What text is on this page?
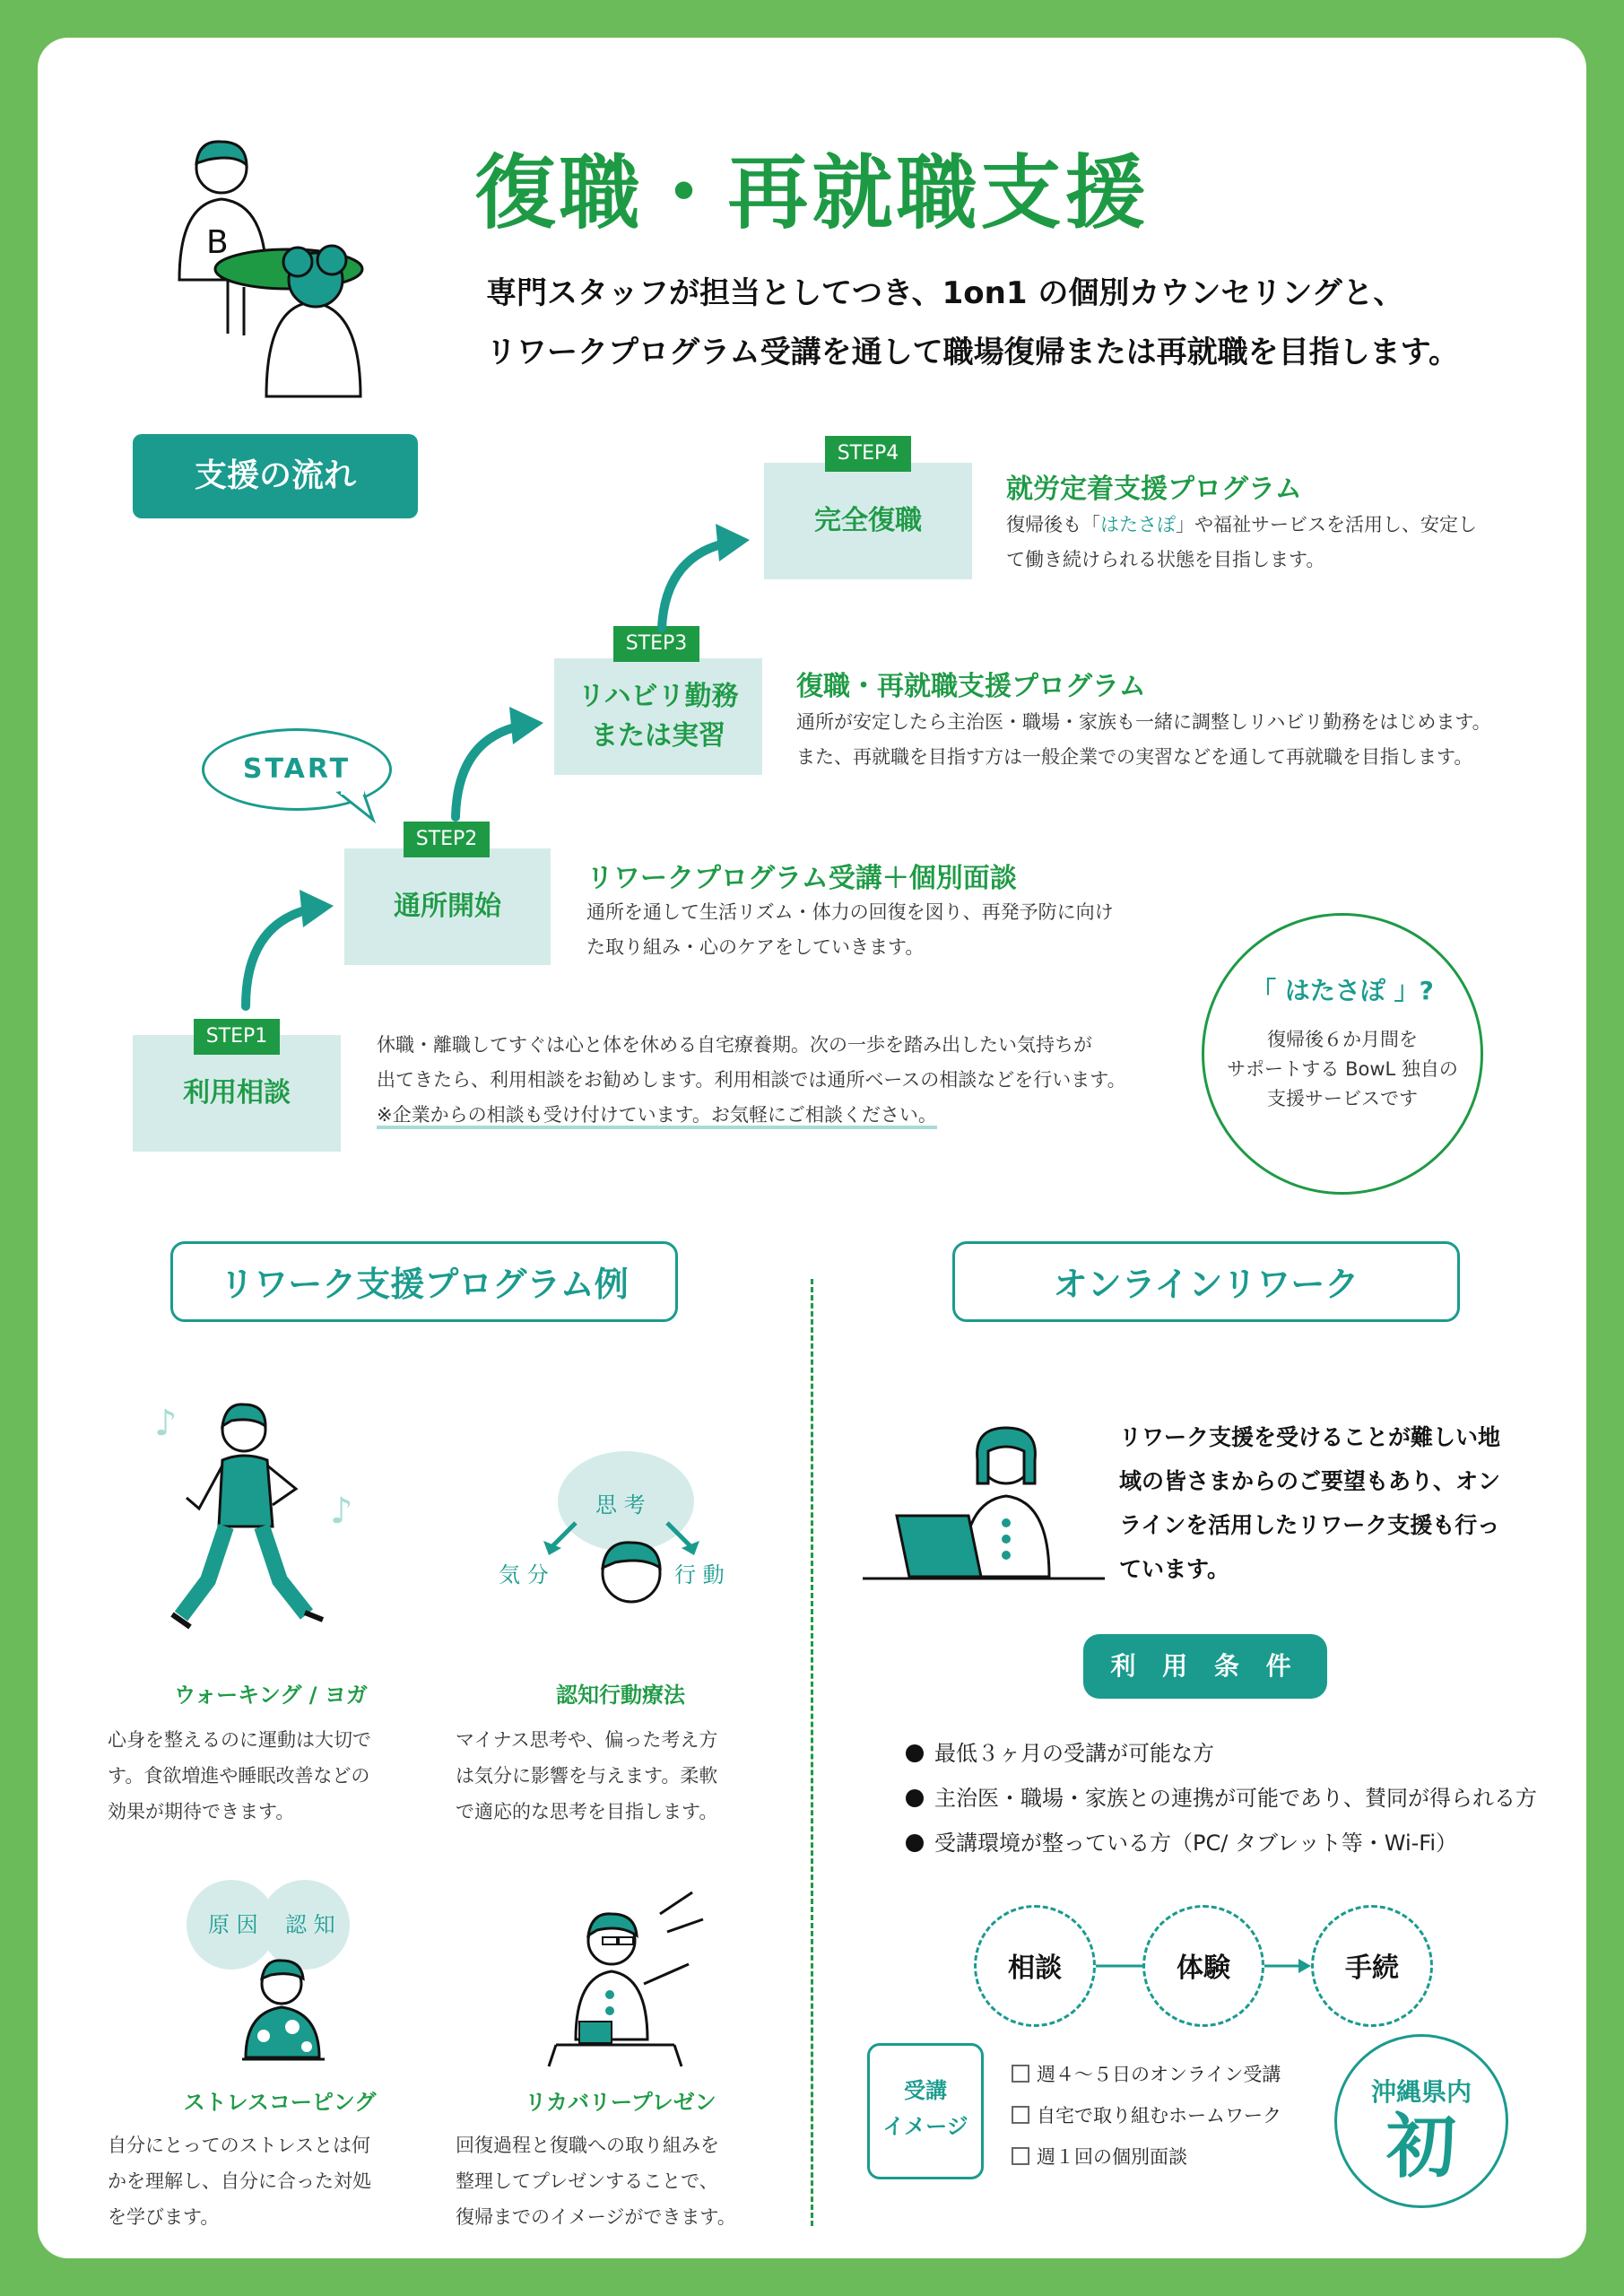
B
復職・再就職支援
専門スタッフが担当としてつき、1on1 の個別カウンセリングと、
リワークプログラム受講を通して職場復帰または再就職を目指します。
支援の流れ
START
利用相談
STEP1	休職・離職してすぐは心と体を休める自宅療養期。次の一歩を踏み出したい気持ちが
出てきたら、利用相談をお勧めします。利用相談では通所ベースの相談などを行います。
※企業からの相談も受け付けています。お気軽にご相談ください。
通所開始
STEP2
リワークプログラム受講＋個別面談
通所を通して生活リズム・体力の回復を図り、再発予防に向け
た取り組み・心のケアをしていきます。
リハビリ勤務
または実習
STEP3
復職・再就職支援プログラム
通所が安定したら主治医・職場・家族も一緒に調整しリハビリ勤務をはじめます。
また、再就職を目指す方は一般企業での実習などを通して再就職を目指します。
完全復職
STEP4
就労定着支援プログラム
復帰後も「はたさぽ」や福祉サービスを活用し、安定し
て働き続けられる状態を目指します。
「 はたさぽ 」?
復帰後６か月間を
サポートする BowL 独自の
支援サービスです
リワーク支援プログラム例	オンラインリワーク
♪
♪
ウォーキング / ヨガ
心身を整えるのに運動は大切で
す。食欲増進や睡眠改善などの
効果が期待できます。
思 考
気 分	行 動
認知行動療法
マイナス思考や、偏った考え方
は気分に影響を与えます。柔軟
で適応的な思考を目指します。
原 因 認 知
ストレスコーピング
自分にとってのストレスとは何
かを理解し、自分に合った対処
を学びます。
リカバリープレゼン
回復過程と復職への取り組みを
整理してプレゼンすることで、
復帰までのイメージができます。
リワーク支援を受けることが難しい地
域の皆さまからのご要望もあり、オン
ラインを活用したリワーク支援も行っ
ています。
利 用 条 件
最低３ヶ月の受講が可能な方
主治医・職場・家族との連携が可能であり、賛同が得られる方
受講環境が整っている方（PC/ タブレット等・Wi-Fi）
相談	体験	手続
受講
イメージ
週４～５日のオンライン受講
自宅で取り組むホームワーク
週１回の個別面談
沖縄県内
初
